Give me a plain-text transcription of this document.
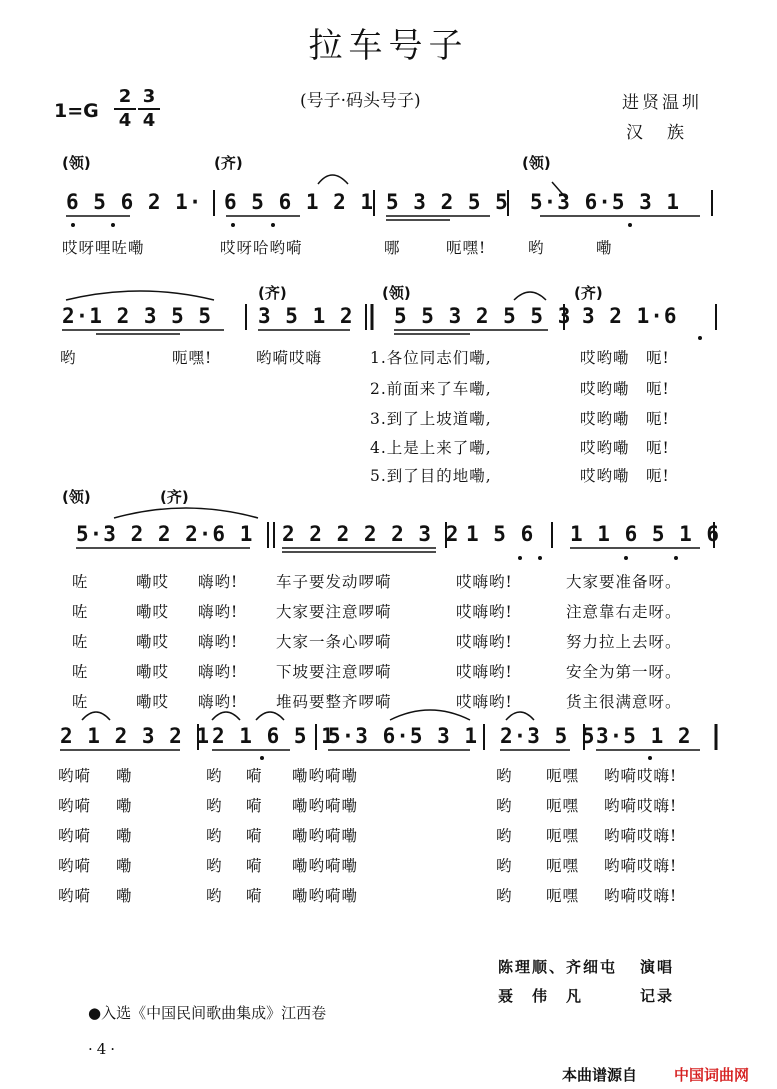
拉车号子
(号子·码头号子)
$1=G \frac{2}{4} \frac{3}{4}$	进贤温圳
汉族
(领)	(齐)	(领)
6 5 6 2 1· 6 5 6 1 2 1 5 3 2 5 5 5·3 6·5 3 1
哎呀哩咗嘞	哎呀哈哟嗬	哪	呃嘿!	哟	嘞
(齐)	(领)	(齐)
2·1 2 3 5 5 3 5 1 2 5 5 3 2 5 5 3 3 2 1·6
哟	呃嘿!	哟嗬哎嗨	1.各位同志们嘞,	哎哟嘞　呃!
2.前面来了车嘞,	哎哟嘞　呃!
3.到了上坡道嘞,	哎哟嘞　呃!
4.上是上来了嘞,	哎哟嘞　呃!
5.到了目的地嘞,	哎哟嘞　呃!
(领)	(齐)
5·3 2 2 2·6 1 2 2 2 2 2 3 2 1 5 6 1 1 6 5 1 6
咗	嘞哎 嗨哟! 车子要发动啰嗬	哎嗨哟!	大家要准备呀。
咗	嘞哎 嗨哟! 大家要注意啰嗬	哎嗨哟!	注意靠右走呀。
咗	嘞哎 嗨哟! 大家一条心啰嗬	哎嗨哟!	努力拉上去呀。
咗	嘞哎 嗨哟! 下坡要注意啰嗬	哎嗨哟!	安全为第一呀。
咗	嘞哎 嗨哟! 堆码要整齐啰嗬	哎嗨哟!	货主很满意呀。
2 1 2 3 2 1 2 1 6 5 1
5·3 6·5 3 1 2·3 5 5 3·5 1 2
哟嗬 嘞	哟 嗬 嘞哟嗬嘞	哟 呃嘿 哟嗬哎嗨!
哟嗬 嘞	哟 嗬 嘞哟嗬嘞	哟 呃嘿 哟嗬哎嗨!
哟嗬 嘞	哟 嗬 嘞哟嗬嘞	哟 呃嘿 哟嗬哎嗨!
哟嗬 嘞	哟 嗬 嘞哟嗬嘞	哟 呃嘿 哟嗬哎嗨!
哟嗬 嘞	哟 嗬 嘞哟嗬嘞	哟 呃嘿 哟嗬哎嗨!
陈理顺、齐细屯 演唱
聂　伟　凡	记录
●入选《中国民间歌曲集成》江西卷
·4·
本曲谱源自 中国词曲网
